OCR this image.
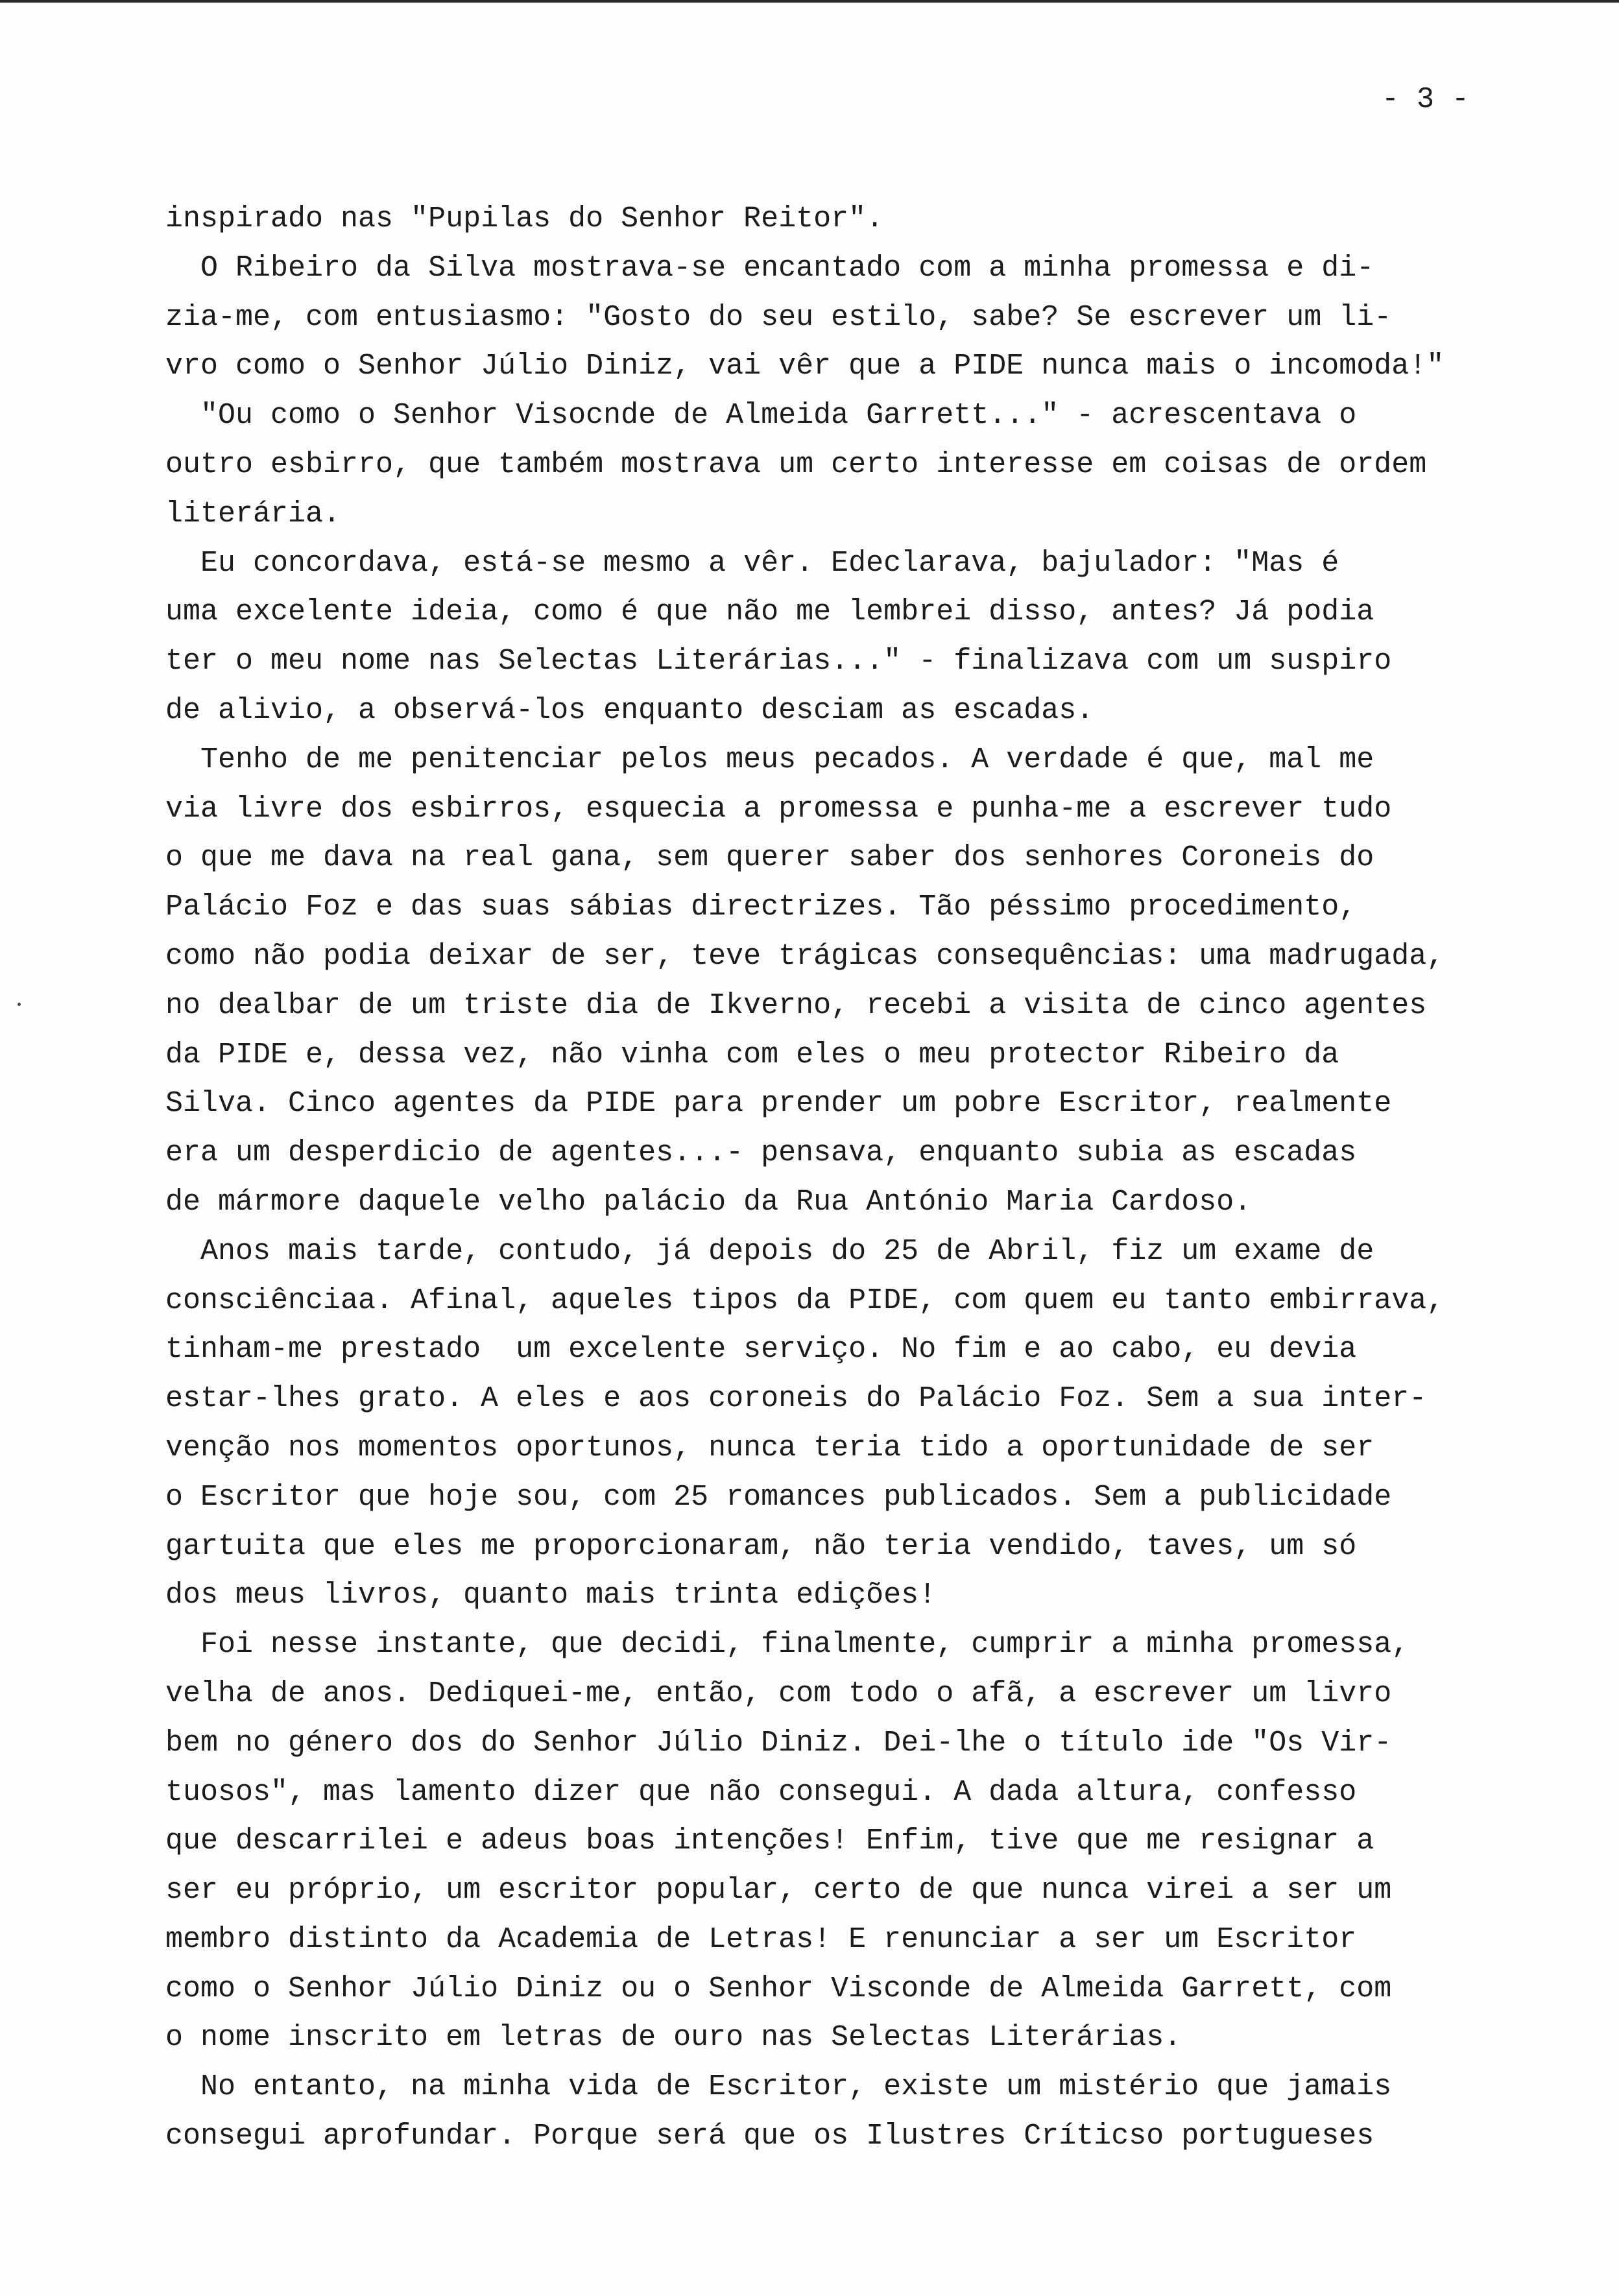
- 3 -
inspirado nas "Pupilas do Senhor Reitor".
O Ribeiro da Silva mostrava-se encantado com a minha promessa e di-
zia-me, com entusiasmo: "Gosto do seu estilo, sabe? Se escrever um li-
vro como o Senhor Júlio Diniz, vai vêr que a PIDE nunca mais o incomoda!"
"Ou como o Senhor Visocnde de Almeida Garrett..." - acrescentava o
outro esbirro, que também mostrava um certo interesse em coisas de ordem
literária.
Eu concordava, está-se mesmo a vêr. Edeclarava, bajulador: "Mas é
uma excelente ideia, como é que não me lembrei disso, antes? Já podia
ter o meu nome nas Selectas Literárias..." - finalizava com um suspiro
de alivio, a observá-los enquanto desciam as escadas.
Tenho de me penitenciar pelos meus pecados. A verdade é que, mal me
via livre dos esbirros, esquecia a promessa e punha-me a escrever tudo
o que me dava na real gana, sem querer saber dos senhores Coroneis do
Palácio Foz e das suas sábias directrizes. Tão péssimo procedimento,
como não podia deixar de ser, teve trágicas consequências: uma madrugada,
no dealbar de um triste dia de Ikverno, recebi a visita de cinco agentes
da PIDE e, dessa vez, não vinha com eles o meu protector Ribeiro da
Silva. Cinco agentes da PIDE para prender um pobre Escritor, realmente
era um desperdicio de agentes...- pensava, enquanto subia as escadas
de mármore daquele velho palácio da Rua António Maria Cardoso.
Anos mais tarde, contudo, já depois do 25 de Abril, fiz um exame de
consciênciaa. Afinal, aqueles tipos da PIDE, com quem eu tanto embirrava,
tinham-me prestado  um excelente serviço. No fim e ao cabo, eu devia
estar-lhes grato. A eles e aos coroneis do Palácio Foz. Sem a sua inter-
venção nos momentos oportunos, nunca teria tido a oportunidade de ser
o Escritor que hoje sou, com 25 romances publicados. Sem a publicidade
gartuita que eles me proporcionaram, não teria vendido, taves, um só
dos meus livros, quanto mais trinta edições!
Foi nesse instante, que decidi, finalmente, cumprir a minha promessa,
velha de anos. Dediquei-me, então, com todo o afã, a escrever um livro
bem no género dos do Senhor Júlio Diniz. Dei-lhe o título ide "Os Vir-
tuosos", mas lamento dizer que não consegui. A dada altura, confesso
que descarrilei e adeus boas intenções! Enfim, tive que me resignar a
ser eu próprio, um escritor popular, certo de que nunca virei a ser um
membro distinto da Academia de Letras! E renunciar a ser um Escritor
como o Senhor Júlio Diniz ou o Senhor Visconde de Almeida Garrett, com
o nome inscrito em letras de ouro nas Selectas Literárias.
No entanto, na minha vida de Escritor, existe um mistério que jamais
consegui aprofundar. Porque será que os Ilustres Críticso portugueses
